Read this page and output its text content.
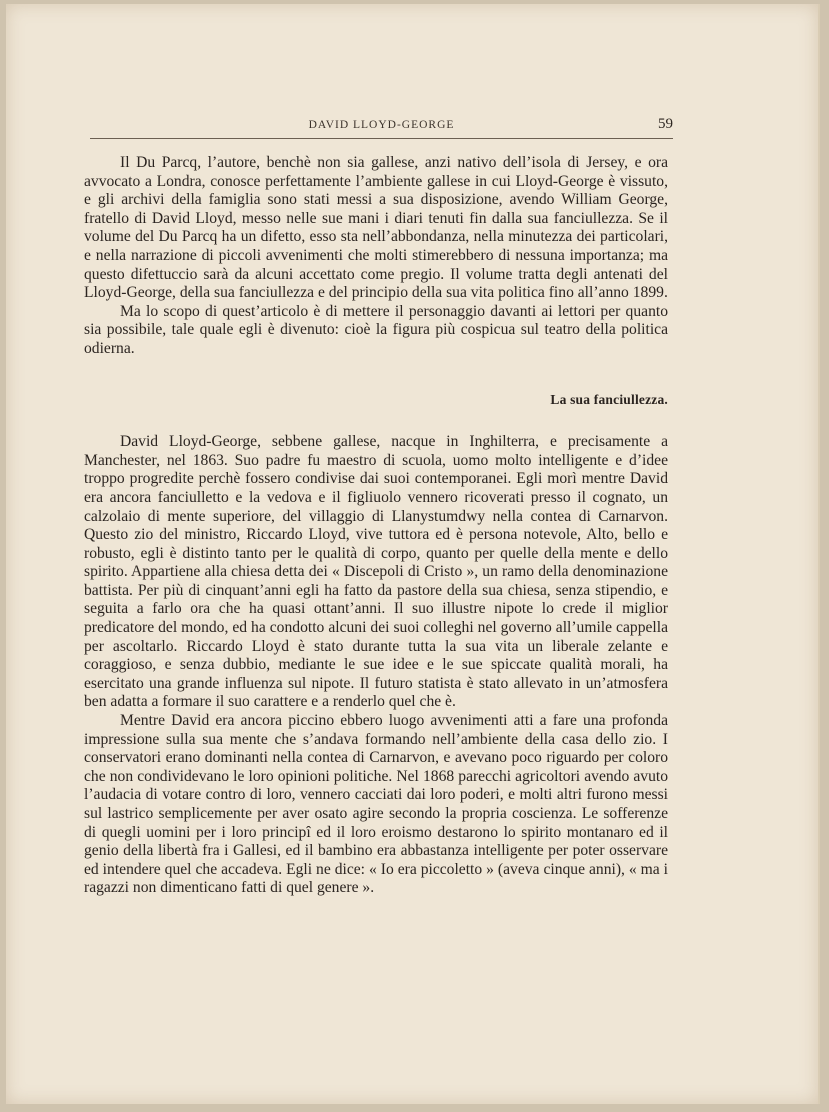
DAVID LLOYD-GEORGE	59

Il Du Parcq, l’autore, benchè non sia gallese, anzi nativo dell’isola di Jersey, e ora avvocato a Londra, conosce perfettamente l’ambiente gallese in cui Lloyd-George è vissuto, e gli archivi della famiglia sono stati messi a sua disposizione, avendo William George, fratello di David Lloyd, messo nelle sue mani i diari tenuti fin dalla sua fanciullezza. Se il volume del Du Parcq ha un difetto, esso sta nell’abbondanza, nella minutezza dei particolari, e nella narrazione di piccoli avvenimenti che molti stimerebbero di nessuna importanza; ma questo difettuccio sarà da alcuni accettato come pregio. Il volume tratta degli antenati del Lloyd-George, della sua fanciullezza e del principio della sua vita politica fino all’anno 1899.

Ma lo scopo di quest’articolo è di mettere il personaggio davanti ai lettori per quanto sia possibile, tale quale egli è divenuto: cioè la figura più cospicua sul teatro della politica odierna.

La sua fanciullezza.

David Lloyd-George, sebbene gallese, nacque in Inghilterra, e precisamente a Manchester, nel 1863. Suo padre fu maestro di scuola, uomo molto intelligente e d’idee troppo progredite perchè fossero condivise dai suoi contemporanei. Egli morì mentre David era ancora fanciulletto e la vedova e il figliuolo vennero ricoverati presso il cognato, un calzolaio di mente superiore, del villaggio di Llanystumdwy nella contea di Carnarvon. Questo zio del ministro, Riccardo Lloyd, vive tuttora ed è persona notevole, Alto, bello e robusto, egli è distinto tanto per le qualità di corpo, quanto per quelle della mente e dello spirito. Appartiene alla chiesa detta dei « Discepoli di Cristo », un ramo della denominazione battista. Per più di cinquant’anni egli ha fatto da pastore della sua chiesa, senza stipendio, e seguita a farlo ora che ha quasi ottant’anni. Il suo illustre nipote lo crede il miglior predicatore del mondo, ed ha condotto alcuni dei suoi colleghi nel governo all’umile cappella per ascoltarlo. Riccardo Lloyd è stato durante tutta la sua vita un liberale zelante e coraggioso, e senza dubbio, mediante le sue idee e le sue spiccate qualità morali, ha esercitato una grande influenza sul nipote. Il futuro statista è stato allevato in un’atmosfera ben adatta a formare il suo carattere e a renderlo quel che è.

Mentre David era ancora piccino ebbero luogo avvenimenti atti a fare una profonda impressione sulla sua mente che s’andava formando nell’ambiente della casa dello zio. I conservatori erano dominanti nella contea di Carnarvon, e avevano poco riguardo per coloro che non condividevano le loro opinioni politiche. Nel 1868 parecchi agricoltori avendo avuto l’audacia di votare contro di loro, vennero cacciati dai loro poderi, e molti altri furono messi sul lastrico semplicemente per aver osato agire secondo la propria coscienza. Le sofferenze di quegli uomini per i loro principî ed il loro eroismo destarono lo spirito montanaro ed il genio della libertà fra i Gallesi, ed il bambino era abbastanza intelligente per poter osservare ed intendere quel che accadeva. Egli ne dice: « Io era piccoletto » (aveva cinque anni), « ma i ragazzi non dimenticano fatti di quel genere ».
